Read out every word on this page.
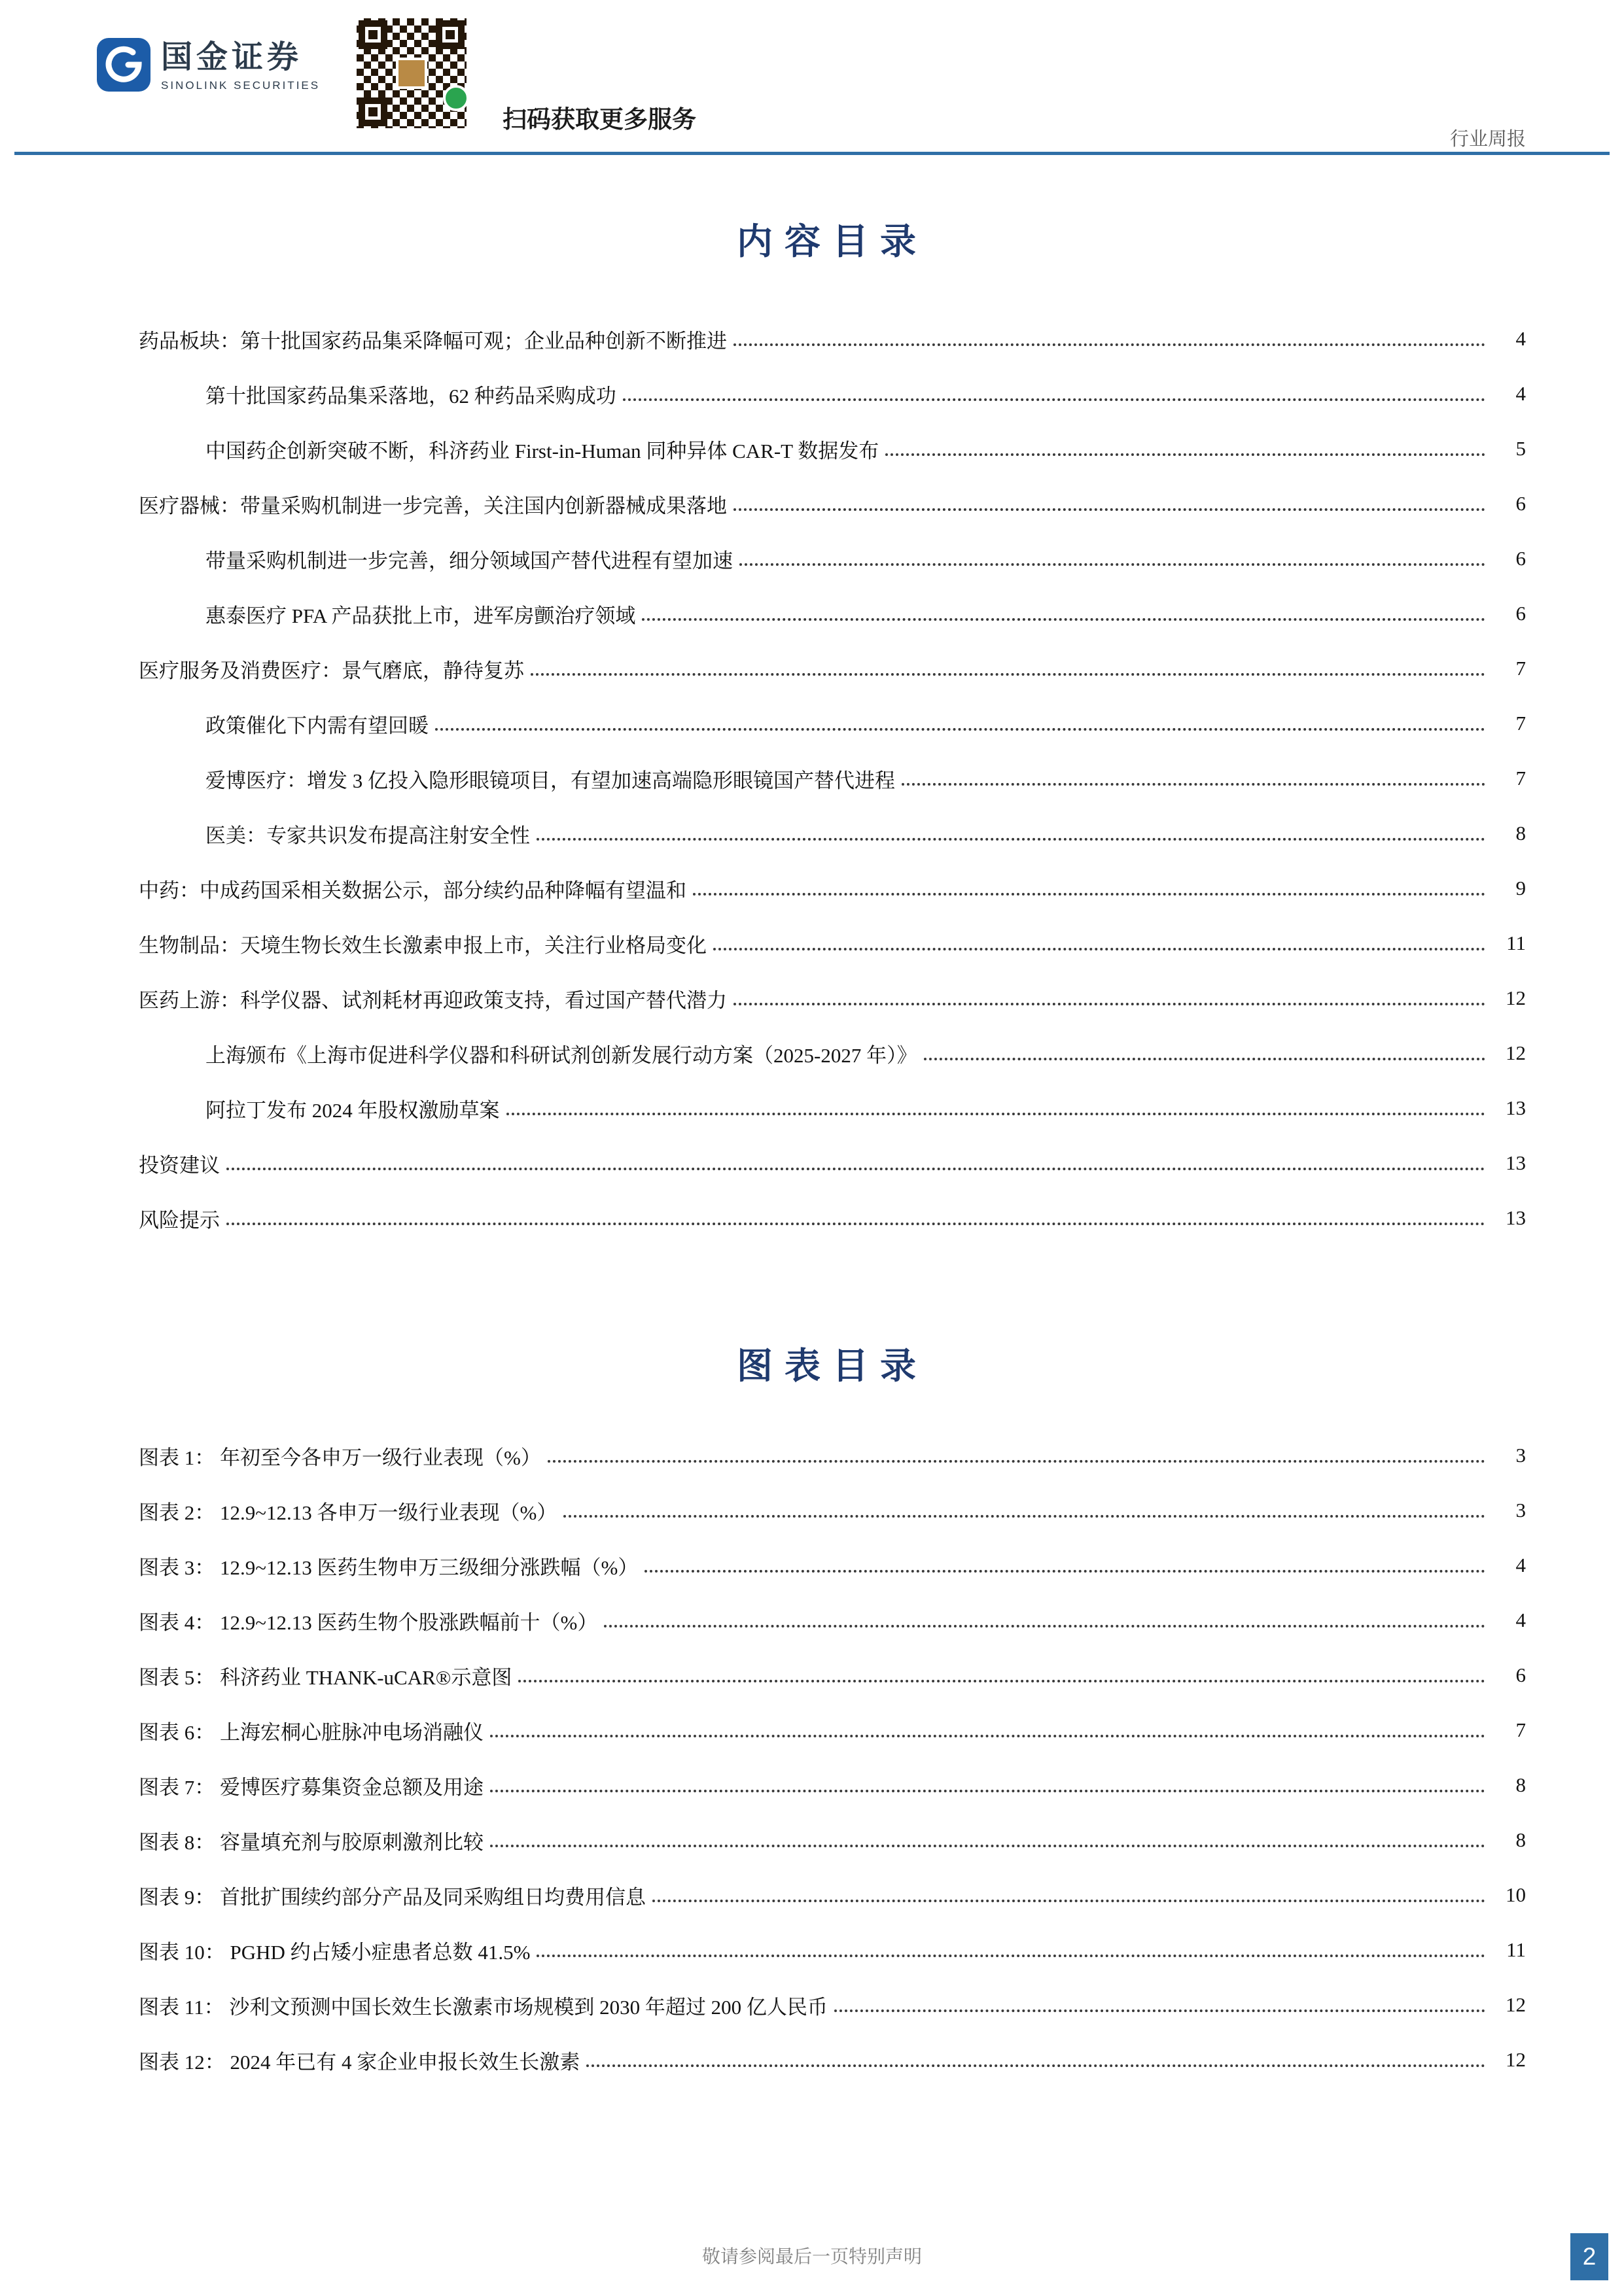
国金证券
SINOLINK SECURITIES
扫码获取更多服务
行业周报
内容目录
药品板块：第十批国家药品集采降幅可观；企业品种创新不断推进	4
第十批国家药品集采落地，62 种药品采购成功	4
中国药企创新突破不断，科济药业 First-in-Human 同种异体 CAR-T 数据发布	5
医疗器械：带量采购机制进一步完善，关注国内创新器械成果落地	6
带量采购机制进一步完善，细分领域国产替代进程有望加速	6
惠泰医疗 PFA 产品获批上市，进军房颤治疗领域	6
医疗服务及消费医疗：景气磨底，静待复苏	7
政策催化下内需有望回暖	7
爱博医疗：增发 3 亿投入隐形眼镜项目，有望加速高端隐形眼镜国产替代进程	7
医美：专家共识发布提高注射安全性	8
中药：中成药国采相关数据公示，部分续约品种降幅有望温和	9
生物制品：天境生物长效生长激素申报上市，关注行业格局变化	11
医药上游：科学仪器、试剂耗材再迎政策支持，看过国产替代潜力	12
上海颁布《上海市促进科学仪器和科研试剂创新发展行动方案（2025-2027 年）》	12
阿拉丁发布 2024 年股权激励草案	13
投资建议	13
风险提示	13
图表目录
图表 1： 年初至今各申万一级行业表现（%）	3
图表 2： 12.9~12.13 各申万一级行业表现（%）	3
图表 3： 12.9~12.13 医药生物申万三级细分涨跌幅（%）	4
图表 4： 12.9~12.13 医药生物个股涨跌幅前十（%）	4
图表 5： 科济药业 THANK-uCAR®示意图	6
图表 6： 上海宏桐心脏脉冲电场消融仪	7
图表 7： 爱博医疗募集资金总额及用途	8
图表 8： 容量填充剂与胶原刺激剂比较	8
图表 9： 首批扩围续约部分产品及同采购组日均费用信息	10
图表 10： PGHD 约占矮小症患者总数 41.5%	11
图表 11： 沙利文预测中国长效生长激素市场规模到 2030 年超过 200 亿人民币	12
图表 12： 2024 年已有 4 家企业申报长效生长激素	12
敬请参阅最后一页特别声明	2
